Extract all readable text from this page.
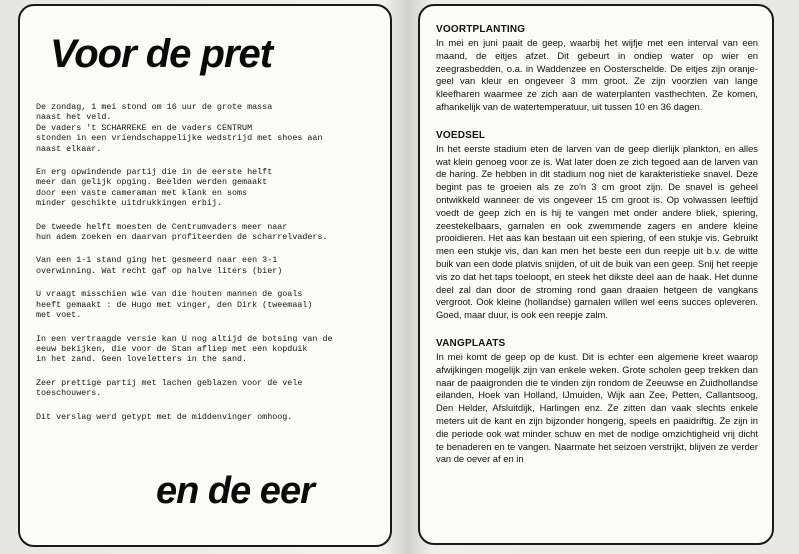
Voor de pret

De zondag, 1 mei stond om 16 uur de grote massa
naast het veld.
De vaders 't SCHARREKE en de vaders CENTRUM
stonden in een vriendschappelijke wedstrijd met shoes aan
naast elkaar.

En erg opwindende partij die in de eerste helft
meer dan gelijk opging. Beelden werden gemaakt
door een vaste cameraman met klank en soms
minder geschikte uitdrukkingen erbij.

De tweede helft moesten de Centrumvaders meer naar
hun adem zoeken en daarvan profiteerden de scharrelvaders.

Van een 1-1 stand ging het gesmeerd naar een 3-1
overwinning. Wat recht gaf op halve liters (bier)

U vraagt misschien wie van die houten mannen de goals
heeft gemaakt : de Hugo met vinger, den Dirk (tweemaal)
met voet.

In een vertraagde versie kan U nog altijd de botsing van de
eeuw bekijken, die voor de Stan afliep met een kopduik
in het zand. Geen loveletters in the sand.

Zeer prettige partij met lachen geblazen voor de vele
toeschouwers.

Dit verslag werd getypt met de middenvinger omhoog.

en de eer
VOORTPLANTING
In mei en juni paait de geep, waarbij het wijfje met een interval van een maand, de eitjes afzet. Dit gebeurt in ondiep water op wier en zeegrasbedden, o.a. in Waddenzee en Oosterschelde. De eitjes zijn oranje-geel van kleur en ongeveer 3 mm groot. Ze zijn voorzien van lange kleefharen waarmee ze zich aan de waterplanten vasthechten. Ze komen, afhankelijk van de watertemperatuur, uit tussen 10 en 36 dagen.
VOEDSEL
In het eerste stadium eten de larven van de geep dierlijk plankton, en alles wat klein genoeg voor ze is. Wat later doen ze zich tegoed aan de larven van de haring. Ze hebben in dit stadium nog niet de karakteristieke snavel. Deze begint pas te groeien als ze zo'n 3 cm groot zijn. De snavel is geheel ontwikkeld wanneer de vis ongeveer 15 cm groot is. Op volwassen leeftijd voedt de geep zich en is hij te vangen met onder andere bliek, spiering, zeestekelbaars, garnalen en ook zwemmende zagers en andere kleine prooidieren. Het aas kan bestaan uit een spiering, of een stukje vis. Gebruikt men een stukje vis, dan kan men het beste een dun reepje uit b.v. de witte buik van een dode platvis snijden, of uit de buik van een geep. Snij het reepje vis zo dat het taps toeloopt, en steek het dikste deel aan de haak. Het dunne deel zal dan door de stroming rond gaan draaien hetgeen de vangkans vergroot. Ook kleine (hollandse) garnalen willen wel eens succes opleveren. Goed, maar duur, is ook een reepje zalm.
VANGPLAATS
In mei komt de geep op de kust. Dit is echter een algemene kreet waarop afwijkingen mogelijk zijn van enkele weken. Grote scholen geep trekken dan naar de paaigronden die te vinden zijn rondom de Zeeuwse en Zuidhollandse eilanden, Hoek van Holland, IJmuiden, Wijk aan Zee, Petten, Callantsoog, Den Helder, Afsluitdijk, Harlingen enz. Ze zitten dan vaak slechts enkele meters uit de kant en zijn bijzonder hongerig, speels en paaidriftig. Ze zijn in die periode ook wat minder schuw en met de nodige omzichtigheid vrij dicht te benaderen en te vangen. Naarmate het seizoen verstrijkt, blijven ze verder van de oever af en in
